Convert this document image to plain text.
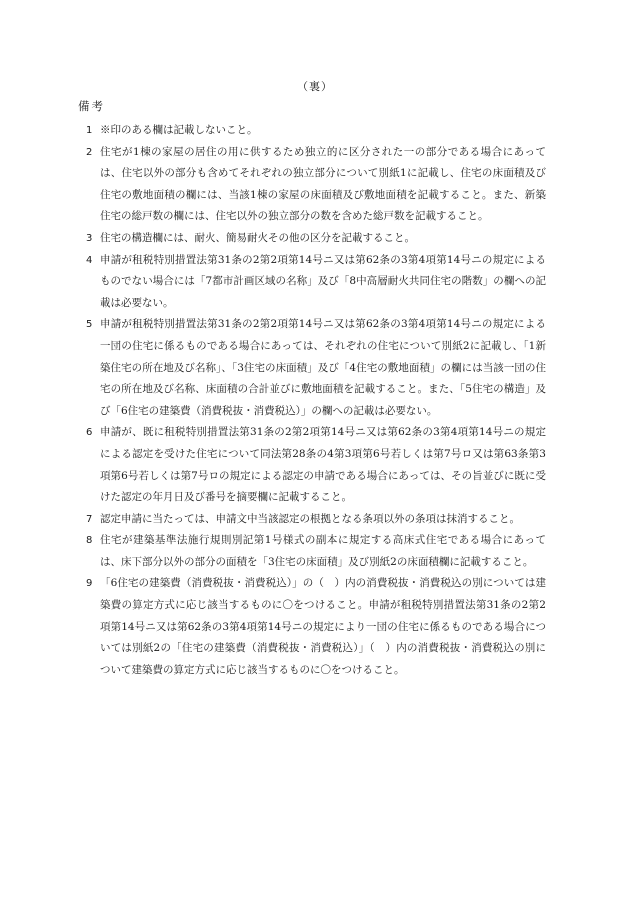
（裏）
備考
1 ※印のある欄は記載しないこと。
2 住宅が1棟の家屋の居住の用に供するため独立的に区分された一の部分である場合にあっては、住宅以外の部分も含めてそれぞれの独立部分について別紙1に記載し、住宅の床面積及び住宅の敷地面積の欄には、当該1棟の家屋の床面積及び敷地面積を記載すること。また、新築住宅の総戸数の欄には、住宅以外の独立部分の数を含めた総戸数を記載すること。
3 住宅の構造欄には、耐火、簡易耐火その他の区分を記載すること。
4 申請が租税特別措置法第31条の2第2項第14号ニ又は第62条の3第4項第14号ニの規定によるものでない場合には「7都市計画区域の名称」及び「8中高層耐火共同住宅の階数」の欄への記載は必要ない。
5 申請が租税特別措置法第31条の2第2項第14号ニ又は第62条の3第4項第14号ニの規定による一団の住宅に係るものである場合にあっては、それぞれの住宅について別紙2に記載し、「1新築住宅の所在地及び名称」、「3住宅の床面積」及び「4住宅の敷地面積」の欄には当該一団の住宅の所在地及び名称、床面積の合計並びに敷地面積を記載すること。また、「5住宅の構造」及び「6住宅の建築費（消費税抜・消費税込）」の欄への記載は必要ない。
6 申請が、既に租税特別措置法第31条の2第2項第14号ニ又は第62条の3第4項第14号ニの規定による認定を受けた住宅について同法第28条の4第3項第6号若しくは第7号ロ又は第63条第3項第6号若しくは第7号ロの規定による認定の申請である場合にあっては、その旨並びに既に受けた認定の年月日及び番号を摘要欄に記載すること。
7 認定申請に当たっては、申請文中当該認定の根拠となる条項以外の条項は抹消すること。
8 住宅が建築基準法施行規則別記第1号様式の副本に規定する高床式住宅である場合にあっては、床下部分以外の部分の面積を「3住宅の床面積」及び別紙2の床面積欄に記載すること。
9 「6住宅の建築費（消費税抜・消費税込）」の（　）内の消費税抜・消費税込の別については建築費の算定方式に応じ該当するものに〇をつけること。申請が租税特別措置法第31条の2第2項第14号ニ又は第62条の3第4項第14号ニの規定により一団の住宅に係るものである場合については別紙2の「住宅の建築費（消費税抜・消費税込）」（　）内の消費税抜・消費税込の別について建築費の算定方式に応じ該当するものに〇をつけること。
